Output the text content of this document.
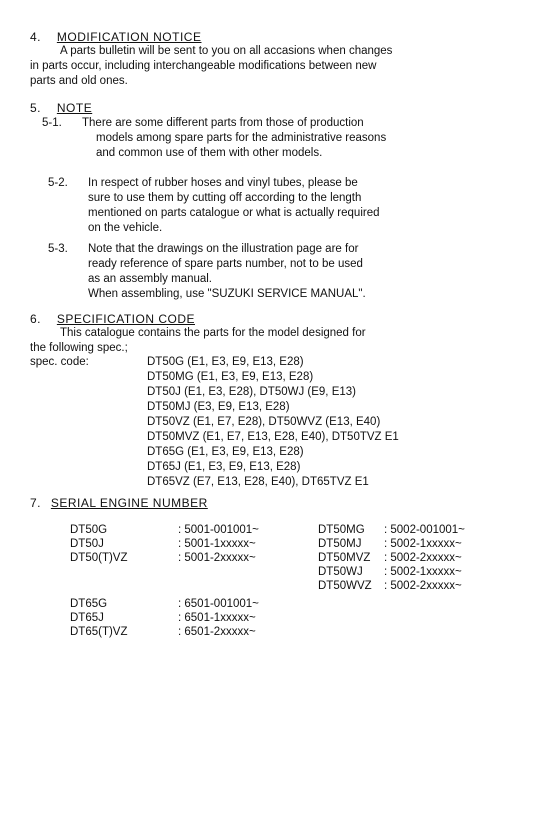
4. MODIFICATION NOTICE
A parts bulletin will be sent to you on all accasions when changes
in parts occur, including interchangeable modifications between new
parts and old ones.
5. NOTE
5-1. There are some different parts from those of production
models among spare parts for the administrative reasons
and common use of them with other models.
5-2. In respect of rubber hoses and vinyl tubes, please be
sure to use them by cutting off according to the length
mentioned on parts catalogue or what is actually required
on the vehicle.
5-3. Note that the drawings on the illustration page are for
ready reference of spare parts number, not to be used
as an assembly manual.
When assembling, use "SUZUKI SERVICE MANUAL".
6. SPECIFICATION CODE
This catalogue contains the parts for the model designed for
the following spec.;
spec. code:	DT50G (E1, E3, E9, E13, E28)
DT50MG (E1, E3, E9, E13, E28)
DT50J (E1, E3, E28), DT50WJ (E9, E13)
DT50MJ (E3, E9, E13, E28)
DT50VZ (E1, E7, E28), DT50WVZ (E13, E40)
DT50MVZ (E1, E7, E13, E28, E40), DT50TVZ E1
DT65G (E1, E3, E9, E13, E28)
DT65J (E1, E3, E9, E13, E28)
DT65VZ (E7, E13, E28, E40), DT65TVZ E1
7. SERIAL ENGINE NUMBER
DT50G	: 5001-001001~
DT50J	: 5001-1xxxxx~
DT50(T)VZ	: 5001-2xxxxx~
DT50MG	: 5002-001001~
DT50MJ	: 5002-1xxxxx~
DT50MVZ	: 5002-2xxxxx~
DT50WJ	: 5002-1xxxxx~
DT50WVZ	: 5002-2xxxxx~
DT65G	: 6501-001001~
DT65J	: 6501-1xxxxx~
DT65(T)VZ	: 6501-2xxxxx~
